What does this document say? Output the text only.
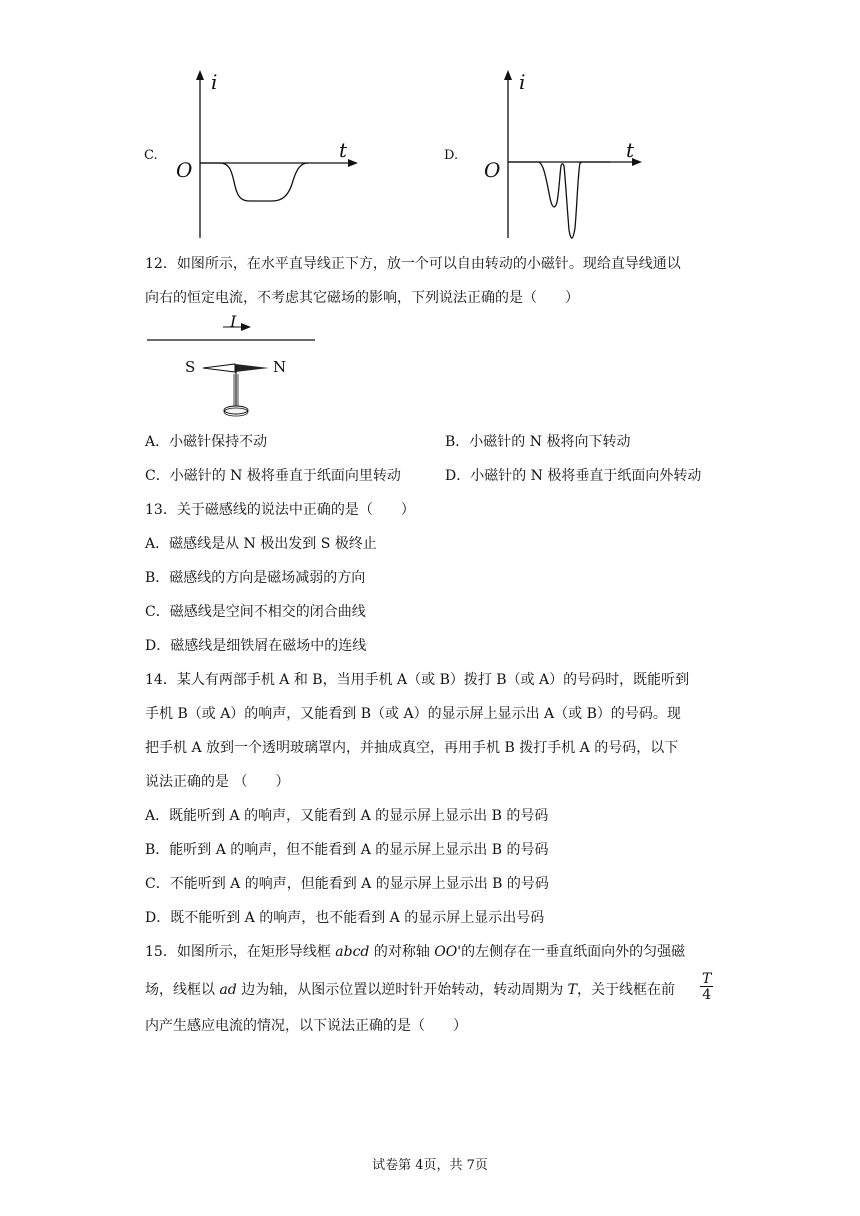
C.
i
t
O
D.
i
t
O
12．如图所示，在水平直导线正下方，放一个可以自由转动的小磁针。现给直导线通以
向右的恒定电流，不考虑其它磁场的影响，下列说法正确的是（　　）
I
S	N
A．小磁针保持不动	B．小磁针的 N 极将向下转动
C．小磁针的 N 极将垂直于纸面向里转动	D．小磁针的 N 极将垂直于纸面向外转动
13．关于磁感线的说法中正确的是（　　）
A．磁感线是从 N 极出发到 S 极终止
B．磁感线的方向是磁场减弱的方向
C．磁感线是空间不相交的闭合曲线
D．磁感线是细铁屑在磁场中的连线
14．某人有两部手机 A 和 B，当用手机 A（或 B）拨打 B（或 A）的号码时，既能听到
手机 B（或 A）的响声，又能看到 B（或 A）的显示屏上显示出 A（或 B）的号码。现
把手机 A 放到一个透明玻璃罩内，并抽成真空，再用手机 B 拨打手机 A 的号码，以下
说法正确的是 （　　）
A．既能听到 A 的响声，又能看到 A 的显示屏上显示出 B 的号码
B．能听到 A 的响声，但不能看到 A 的显示屏上显示出 B 的号码
C．不能听到 A 的响声，但能看到 A 的显示屏上显示出 B 的号码
D．既不能听到 A 的响声，也不能看到 A 的显示屏上显示出号码
15．如图所示，在矩形导线框 abcd 的对称轴 OO'的左侧存在一垂直纸面向外的匀强磁
场，线框以 ad 边为轴，从图示位置以逆时针开始转动，转动周期为 T，关于线框在前 $\frac{T}{4}$
内产生感应电流的情况，以下说法正确的是（　　）
试卷第 4页，共 7页
